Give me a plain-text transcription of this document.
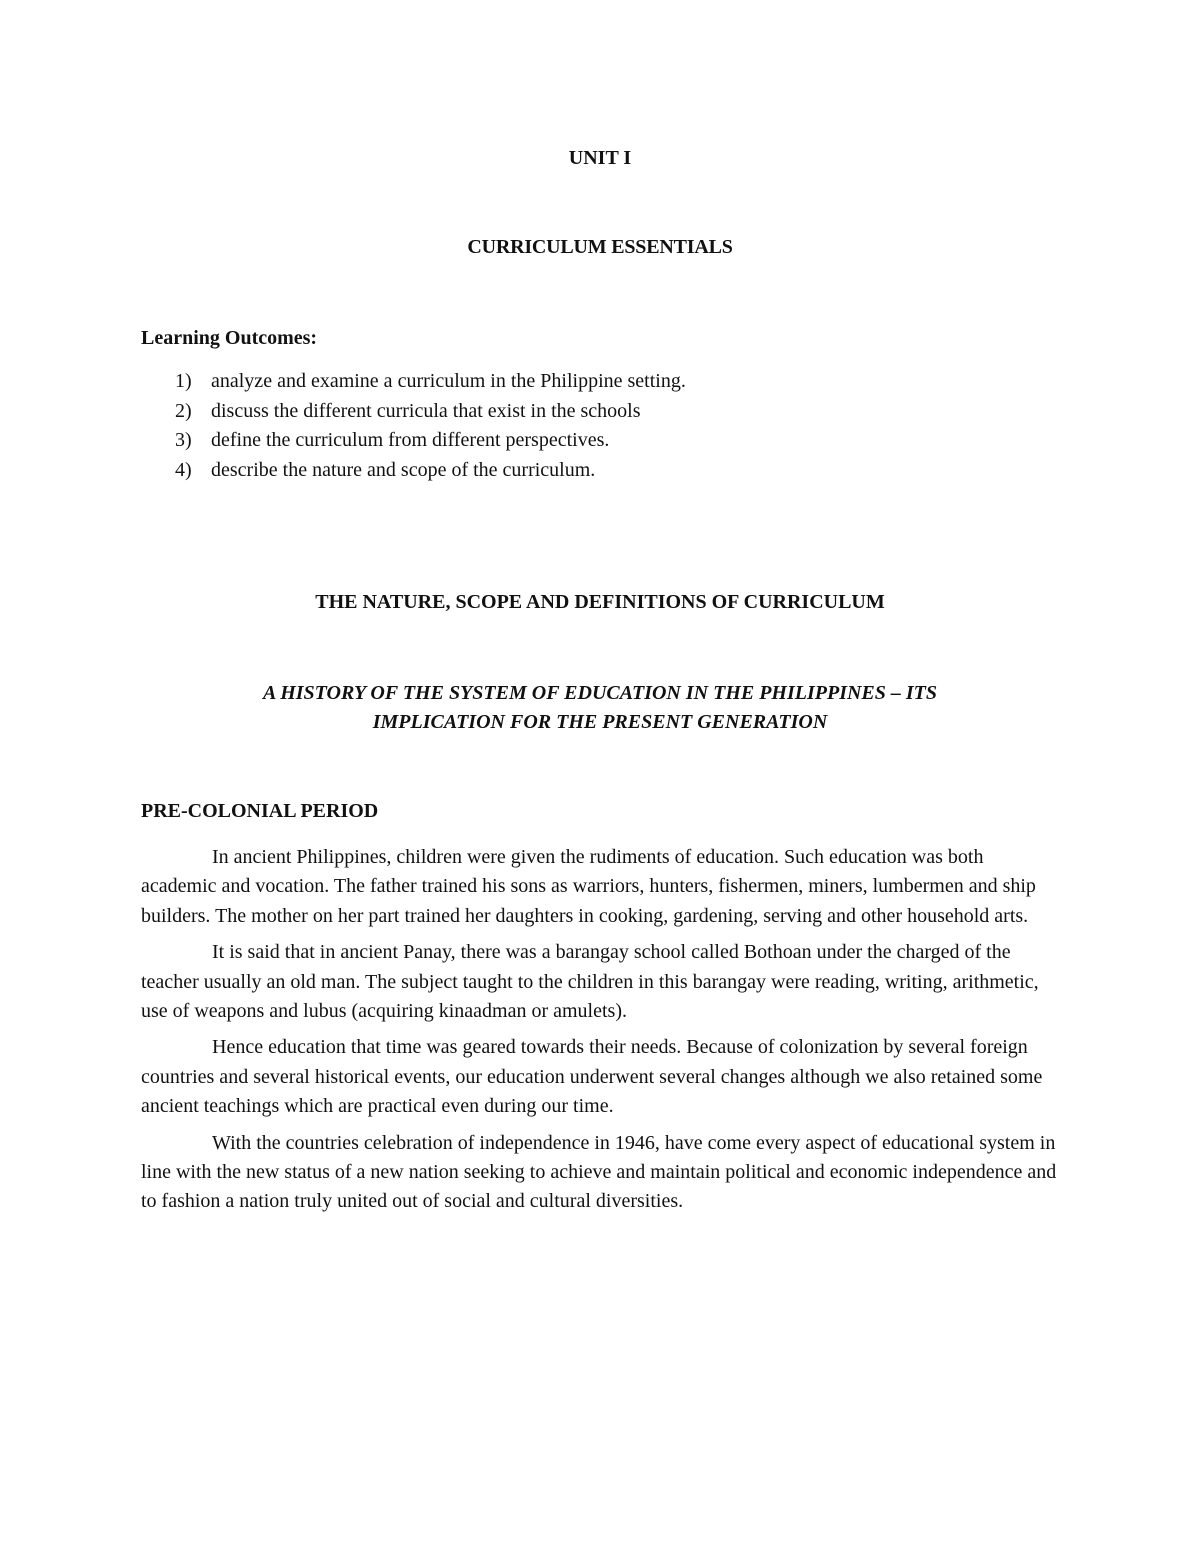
UNIT I
CURRICULUM ESSENTIALS
Learning Outcomes:
1) analyze and examine a curriculum in the Philippine setting.
2) discuss the different curricula that exist in the schools
3) define the curriculum from different perspectives.
4) describe the nature and scope of the curriculum.
THE NATURE, SCOPE AND DEFINITIONS OF CURRICULUM
A HISTORY OF THE SYSTEM OF EDUCATION IN THE PHILIPPINES – ITS
IMPLICATION FOR THE PRESENT GENERATION
PRE-COLONIAL PERIOD

In ancient Philippines, children were given the rudiments of education. Such education was both academic and vocation. The father trained his sons as warriors, hunters, fishermen, miners, lumbermen and ship builders. The mother on her part trained her daughters in cooking, gardening, serving and other household arts.

It is said that in ancient Panay, there was a barangay school called Bothoan under the charged of the teacher usually an old man. The subject taught to the children in this barangay were reading, writing, arithmetic, use of weapons and lubus (acquiring kinaadman or amulets).

Hence education that time was geared towards their needs. Because of colonization by several foreign countries and several historical events, our education underwent several changes although we also retained some ancient teachings which are practical even during our time.

With the countries celebration of independence in 1946, have come every aspect of educational system in line with the new status of a new nation seeking to achieve and maintain political and economic independence and to fashion a nation truly united out of social and cultural diversities.
